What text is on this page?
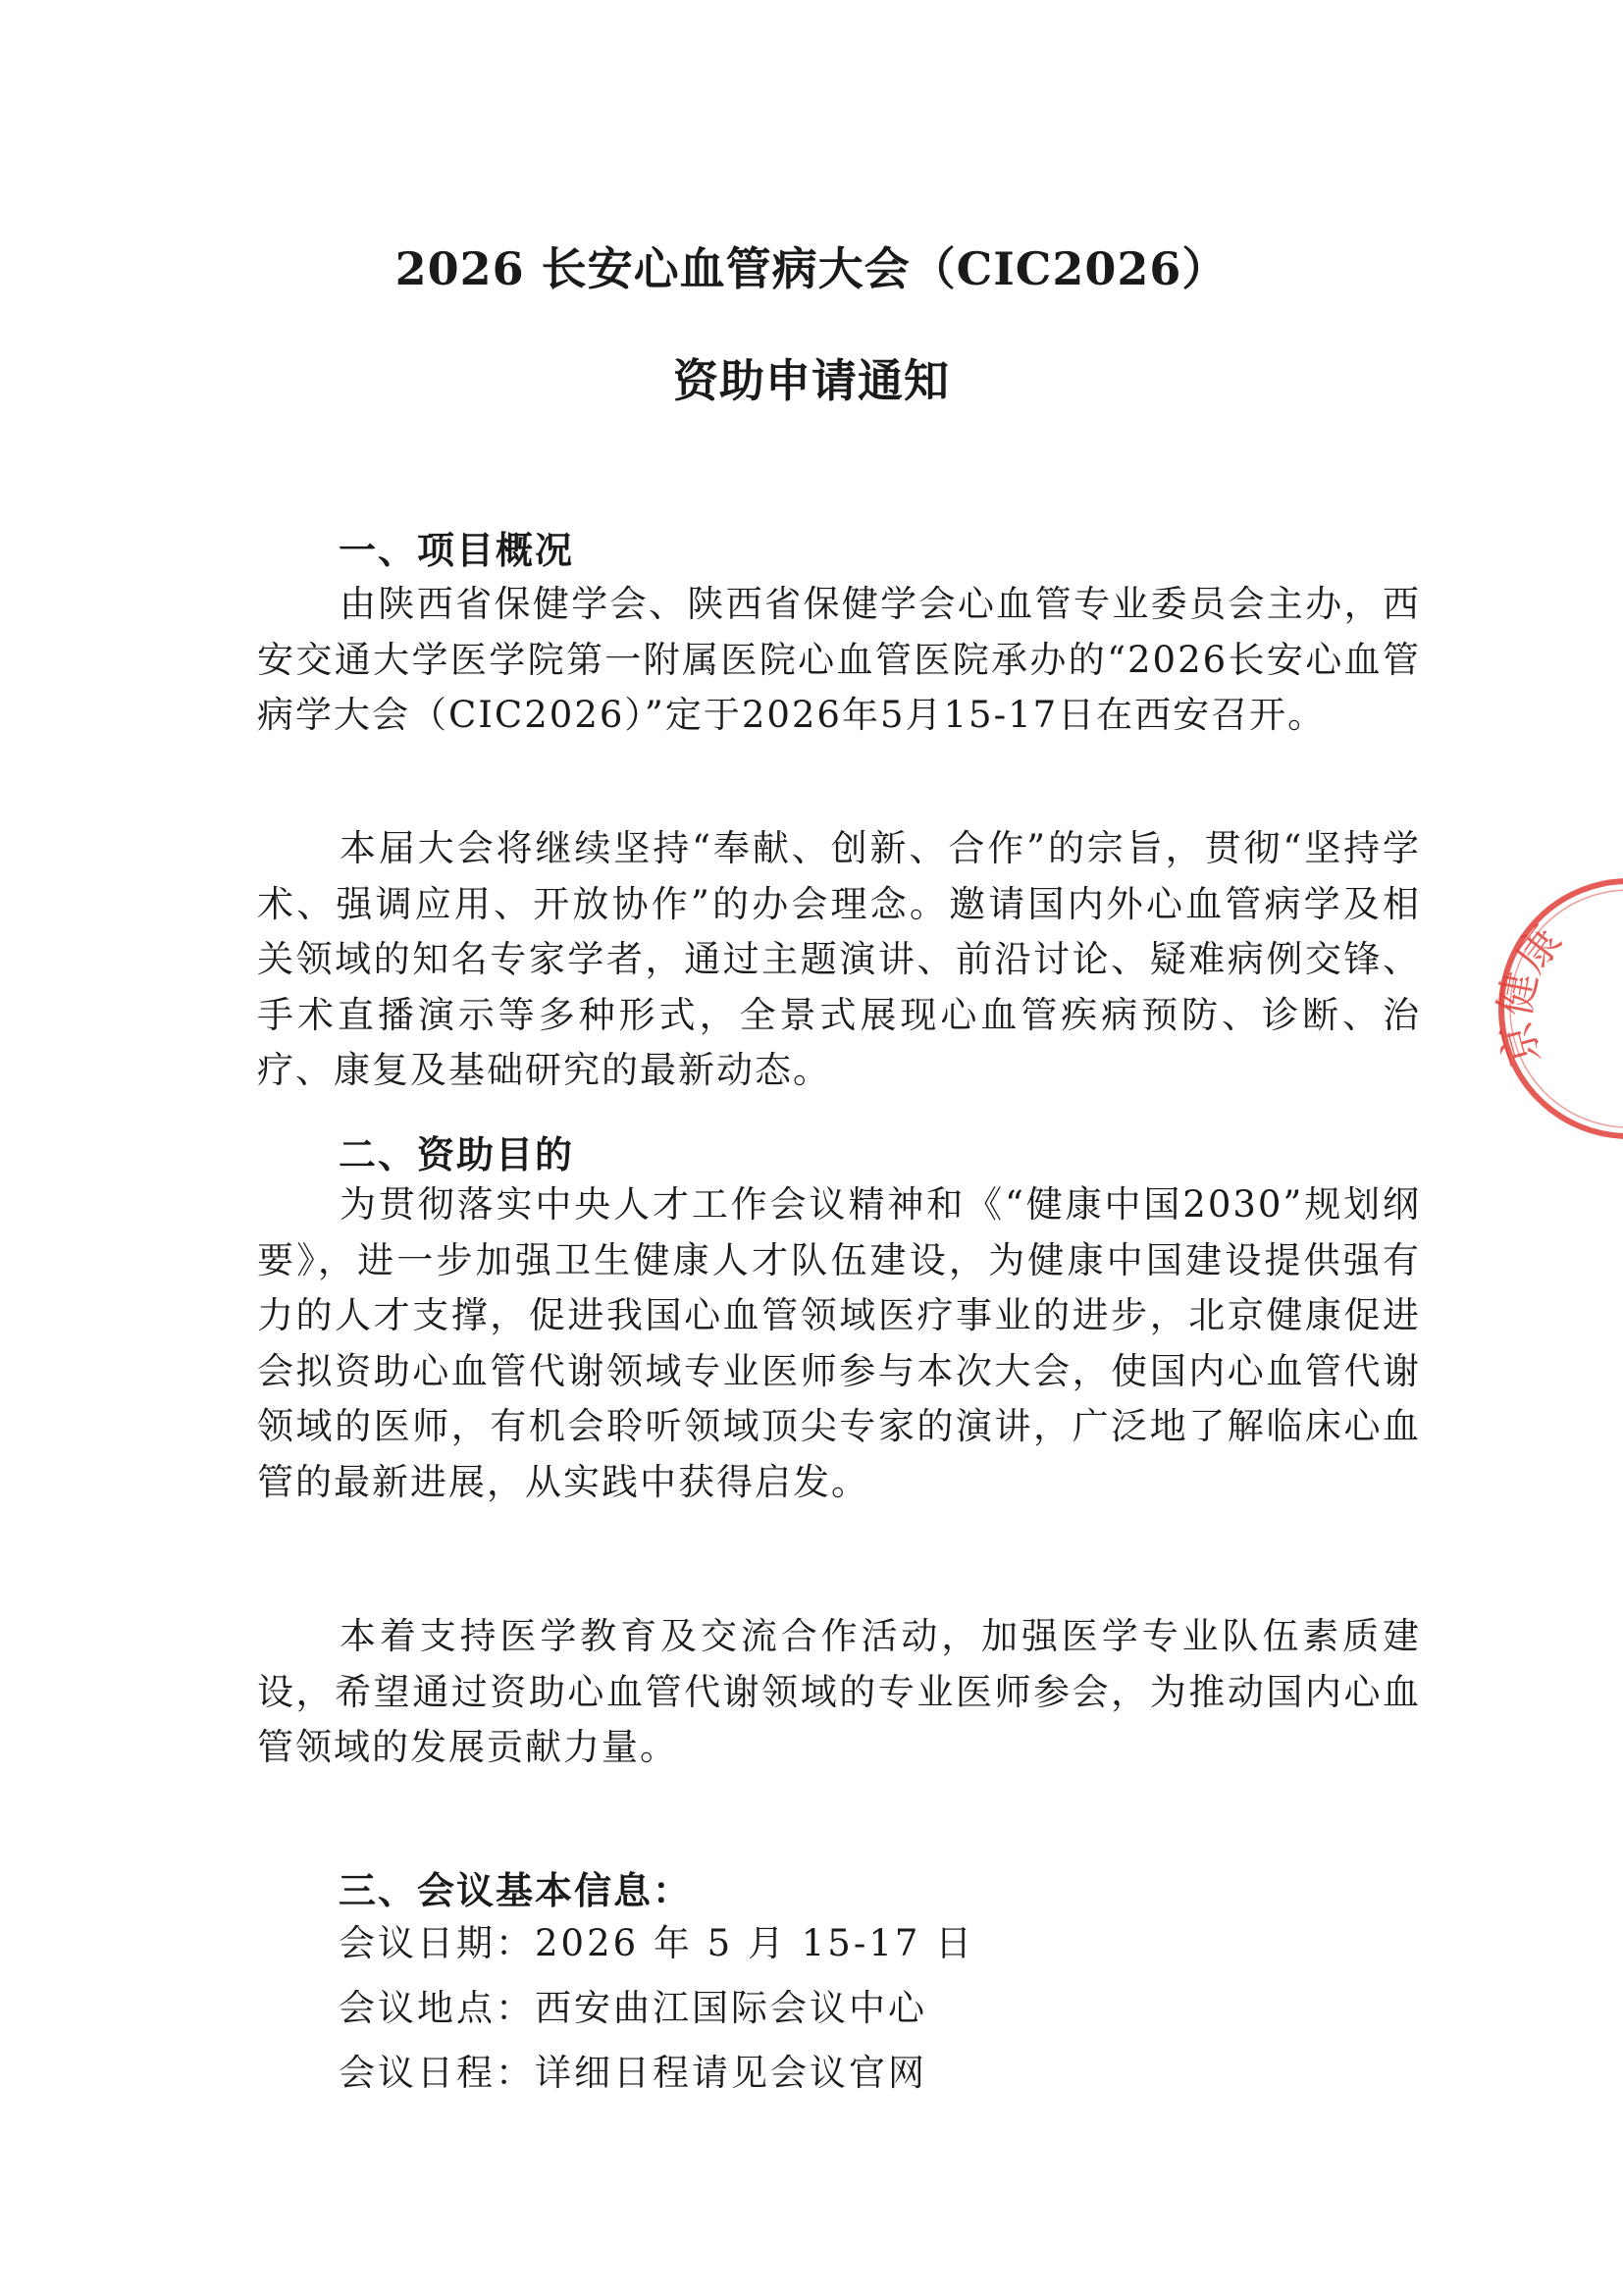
2026 长安心血管病大会（CIC2026）
资助申请通知
一、项目概况

由陕西省保健学会、陕西省保健学会心血管专业委员会主办，西安交通大学医学院第一附属医院心血管医院承办的“2026长安心血管病学大会（CIC2026）”定于2026年5月15-17日在西安召开。

本届大会将继续坚持“奉献、创新、合作”的宗旨，贯彻“坚持学术、强调应用、开放协作”的办会理念。邀请国内外心血管病学及相关领域的知名专家学者，通过主题演讲、前沿讨论、疑难病例交锋、手术直播演示等多种形式，全景式展现心血管疾病预防、诊断、治疗、康复及基础研究的最新动态。

二、资助目的

为贯彻落实中央人才工作会议精神和《“健康中国2030”规划纲要》，进一步加强卫生健康人才队伍建设，为健康中国建设提供强有力的人才支撑，促进我国心血管领域医疗事业的进步，北京健康促进会拟资助心血管代谢领域专业医师参与本次大会，使国内心血管代谢领域的医师，有机会聆听领域顶尖专家的演讲，广泛地了解临床心血管的最新进展，从实践中获得启发。

本着支持医学教育及交流合作活动，加强医学专业队伍素质建设，希望通过资助心血管代谢领域的专业医师参会，为推动国内心血管领域的发展贡献力量。

三、会议基本信息：
会议日期：2026 年 5 月 15-17 日
会议地点：西安曲江国际会议中心
会议日程：详细日程请见会议官网
京健康
